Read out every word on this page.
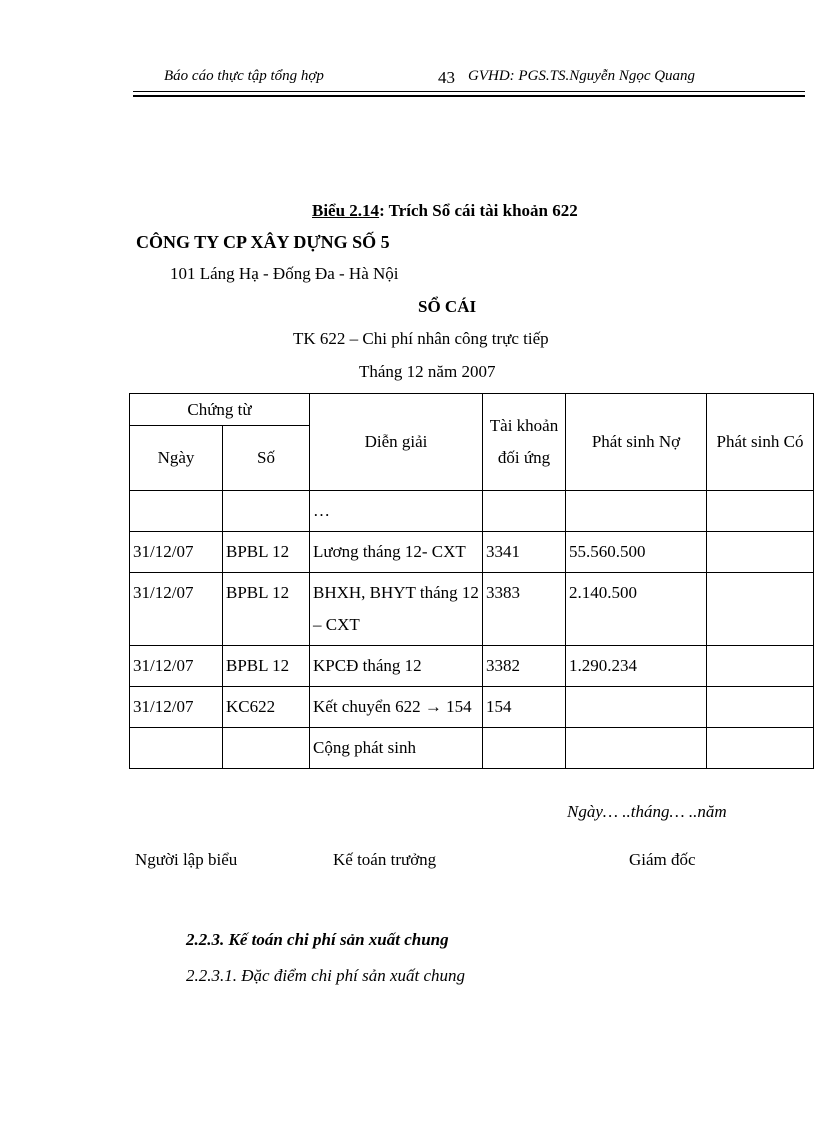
Báo cáo thực tập tổng hợp	43 GVHD: PGS.TS.Nguyễn Ngọc Quang
Biểu 2.14: Trích Sổ cái tài khoản 622
CÔNG TY CP XÂY DỰNG SỐ 5
101 Láng Hạ - Đống Đa - Hà Nội
SỔ CÁI
TK 622 – Chi phí nhân công trực tiếp
Tháng 12 năm 2007
Chứng từ		Diễn giải	Tài khoản đối ứng	Phát sinh Nợ	Phát sinh Có
Ngày	Số				
		…			
31/12/07	BPBL 12	Lương tháng 12- CXT	3341	55.560.500	
31/12/07	BPBL 12	BHXH, BHYT tháng 12 – CXT	3383	2.140.500	
31/12/07	BPBL 12	KPCĐ tháng 12	3382	1.290.234	
31/12/07	KC622	Kết chuyển 622 → 154	154		
		Cộng phát sinh			
Ngày… ..tháng… ..năm
Người lập biểu	Kế toán trưởng	Giám đốc
2.2.3. Kế toán chi phí sản xuất chung
2.2.3.1. Đặc điểm chi phí sản xuất chung
